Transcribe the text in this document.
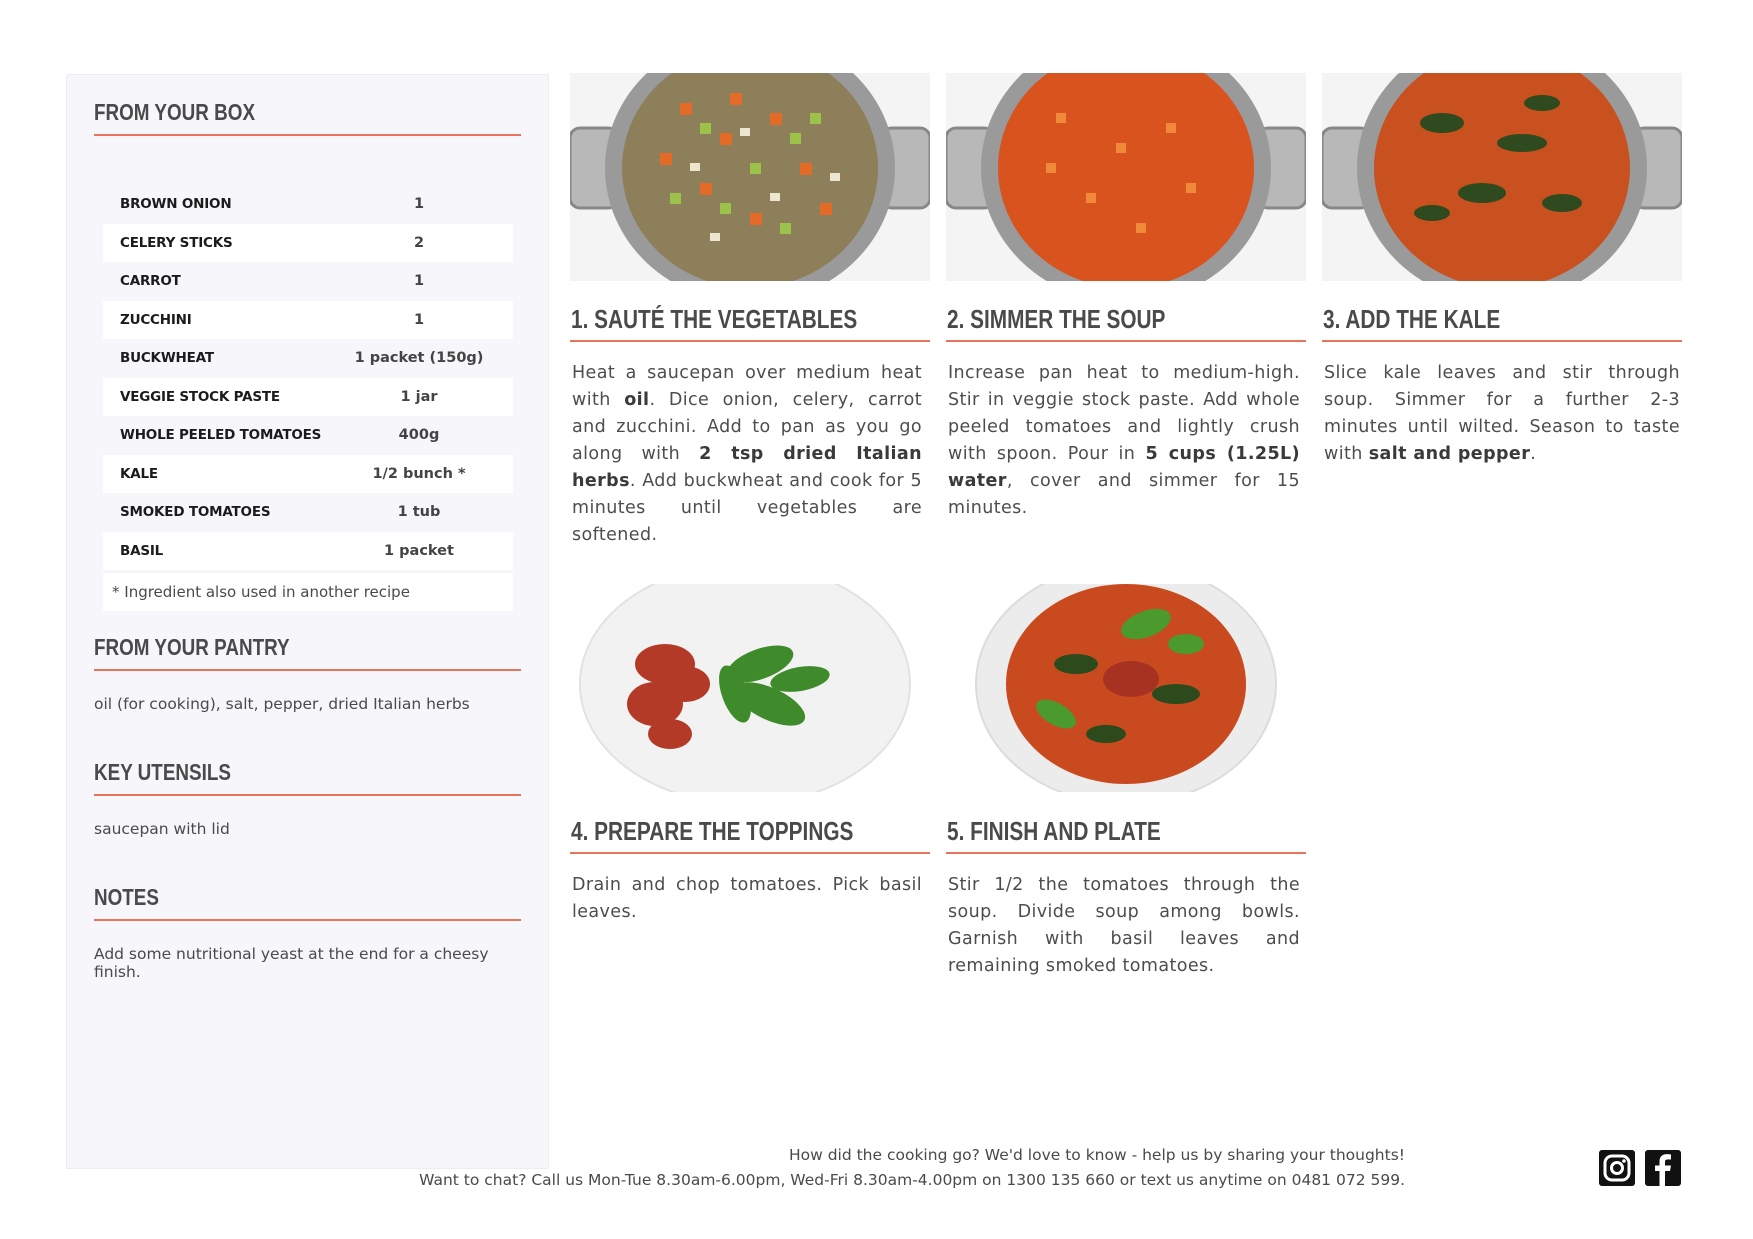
FROM YOUR BOX
BROWN ONION	1
CELERY STICKS	2
CARROT	1
ZUCCHINI	1
BUCKWHEAT	1 packet (150g)
VEGGIE STOCK PASTE	1 jar
WHOLE PEELED TOMATOES	400g
KALE	1/2 bunch *
SMOKED TOMATOES	1 tub
BASIL	1 packet
* Ingredient also used in another recipe
FROM YOUR PANTRY
oil (for cooking), salt, pepper, dried Italian herbs
KEY UTENSILS
saucepan with lid
NOTES
Add some nutritional yeast at the end for a cheesy finish.
1. SAUTÉ THE VEGETABLES
Heat a saucepan over medium heat with oil. Dice onion, celery, carrot and zucchini. Add to pan as you go along with 2 tsp dried Italian herbs. Add buckwheat and cook for 5 minutes until vegetables are softened.
2. SIMMER THE SOUP
Increase pan heat to medium-high. Stir in veggie stock paste. Add whole peeled tomatoes and lightly crush with spoon. Pour in 5 cups (1.25L) water, cover and simmer for 15 minutes.
3. ADD THE KALE
Slice kale leaves and stir through soup. Simmer for a further 2-3 minutes until wilted. Season to taste with salt and pepper.
4. PREPARE THE TOPPINGS
Drain and chop tomatoes. Pick basil leaves.
5. FINISH AND PLATE
Stir 1/2 the tomatoes through the soup. Divide soup among bowls. Garnish with basil leaves and remaining smoked tomatoes.
How did the cooking go? We'd love to know - help us by sharing your thoughts!
Want to chat? Call us Mon-Tue 8.30am-6.00pm, Wed-Fri 8.30am-4.00pm on 1300 135 660 or text us anytime on 0481 072 599.
